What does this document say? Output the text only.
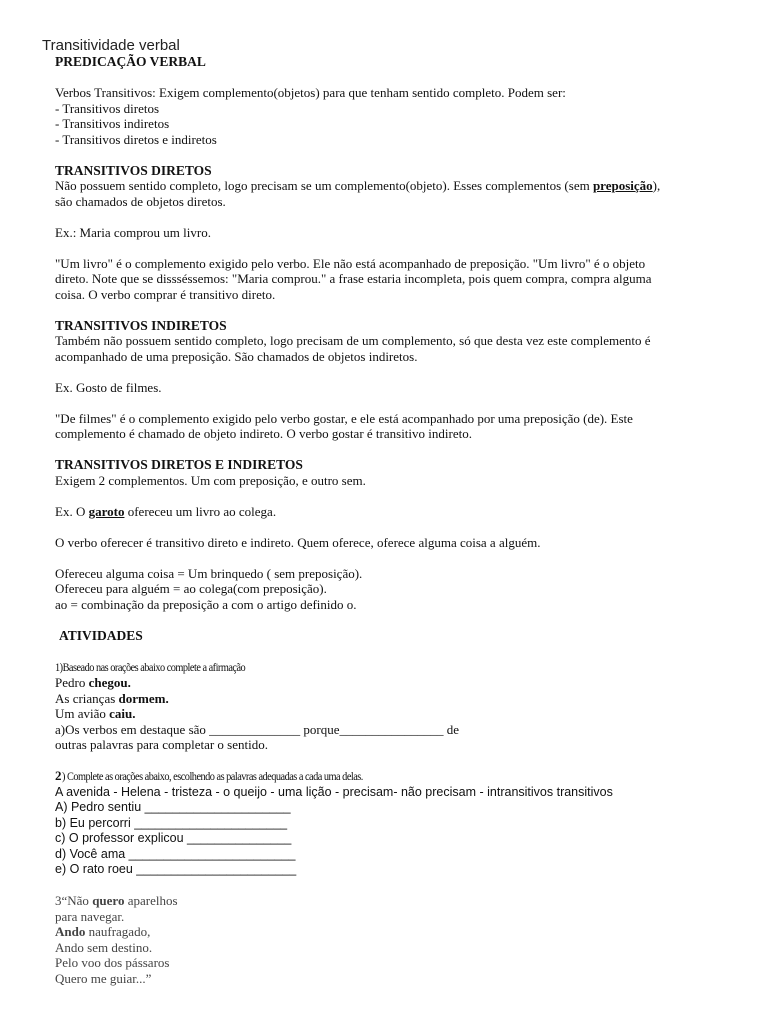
Transitividade verbal

PREDICAÇÃO VERBAL

Verbos Transitivos: Exigem complemento(objetos) para que tenham sentido completo. Podem ser:

- Transitivos diretos

- Transitivos indiretos

- Transitivos diretos e indiretos

TRANSITIVOS DIRETOS

Não possuem sentido completo, logo precisam se um complemento(objeto). Esses complementos (sem preposição),

são chamados de objetos diretos.

Ex.: Maria comprou um livro.

"Um livro" é o complemento exigido pelo verbo. Ele não está acompanhado de preposição. "Um livro" é o objeto

direto. Note que se dissséssemos: "Maria comprou." a frase estaria incompleta, pois quem compra, compra alguma

coisa. O verbo comprar é transitivo direto.

TRANSITIVOS INDIRETOS

Também não possuem sentido completo, logo precisam de um complemento, só que desta vez este complemento é

acompanhado de uma preposição. São chamados de objetos indiretos.

Ex. Gosto de filmes.

"De filmes" é o complemento exigido pelo verbo gostar, e ele está acompanhado por uma preposição (de). Este

complemento é chamado de objeto indireto. O verbo gostar é transitivo indireto.

TRANSITIVOS DIRETOS E INDIRETOS

Exigem 2 complementos. Um com preposição, e outro sem.

Ex. O garoto ofereceu um livro ao colega.

O verbo oferecer é transitivo direto e indireto. Quem oferece, oferece alguma coisa a alguém.

Ofereceu alguma coisa = Um brinquedo ( sem preposição).

Ofereceu para alguém = ao colega(com preposição).

ao = combinação da preposição a com o artigo definido o.

ATIVIDADES

1)Baseado nas orações abaixo complete a afirmação

Pedro chegou.

As crianças dormem.

Um avião caiu.

a)Os verbos em destaque são ______________ porque________________ de

outras palavras para completar o sentido.

2) Complete as orações abaixo, escolhendo as palavras adequadas a cada uma delas.

A avenida - Helena - tristeza - o queijo - uma lição - precisam- não precisam - intransitivos transitivos

A) Pedro sentiu _____________________

b) Eu percorri ______________________

c) O professor explicou _______________

d) Você ama ________________________

e) O rato roeu _______________________

3“Não quero aparelhos

para navegar.

Ando naufragado,

Ando sem destino.

Pelo voo dos pássaros

Quero me guiar...”
